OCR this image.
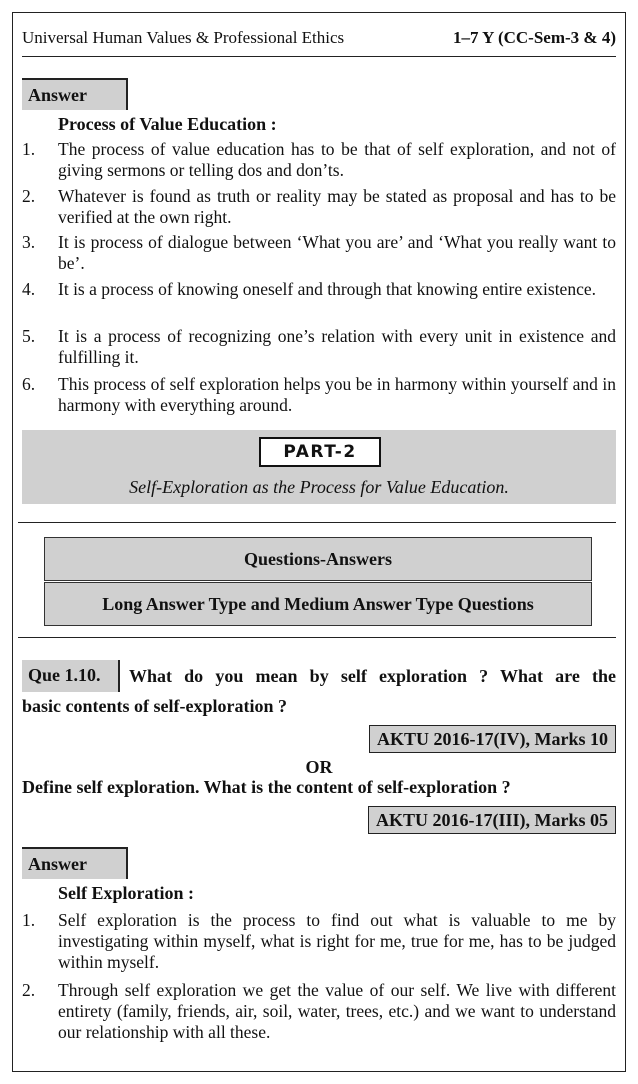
Universal Human Values & Professional Ethics	1–7 Y (CC-Sem-3 & 4)
Answer
Process of Value Education :
1. The process of value education has to be that of self exploration, and not of giving sermons or telling dos and don’ts.
2. Whatever is found as truth or reality may be stated as proposal and has to be verified at the own right.
3. It is process of dialogue between ‘What you are’ and ‘What you really want to be’.
4. It is a process of knowing oneself and through that knowing entire existence.
5. It is a process of recognizing one’s relation with every unit in existence and fulfilling it.
6. This process of self exploration helps you be in harmony within yourself and in harmony with everything around.
PART-2
Self-Exploration as the Process for Value Education.
Questions-Answers
Long Answer Type and Medium Answer Type Questions
Que 1.10.	What do you mean by self exploration ? What are the
basic contents of self-exploration ?
AKTU 2016-17(IV), Marks 10
OR
Define self exploration. What is the content of self-exploration ?
AKTU 2016-17(III), Marks 05
Answer
Self Exploration :
1. Self exploration is the process to find out what is valuable to me by investigating within myself, what is right for me, true for me, has to be judged within myself.
2. Through self exploration we get the value of our self. We live with different entirety (family, friends, air, soil, water, trees, etc.) and we want to understand our relationship with all these.
